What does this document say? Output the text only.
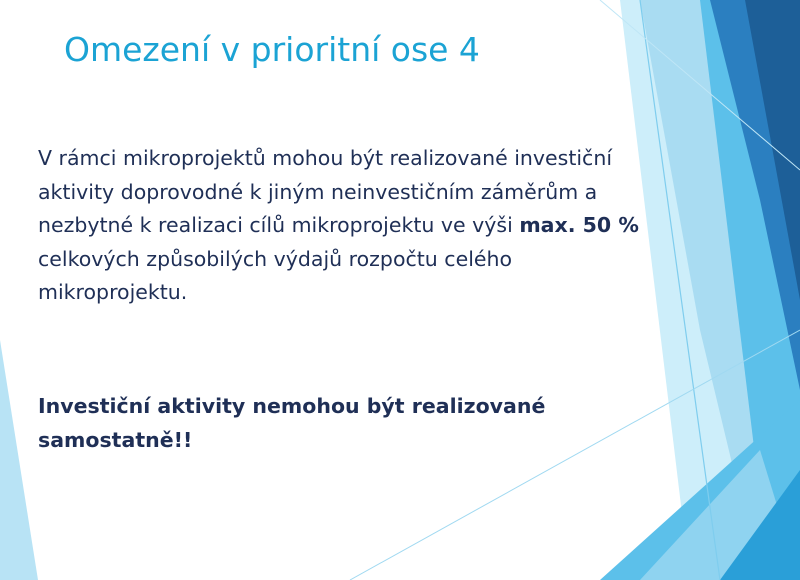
Omezení v prioritní ose 4

V rámci mikroprojektů mohou být realizované investiční aktivity doprovodné k jiným neinvestičním záměrům a nezbytné k realizaci cílů mikroprojektu ve výši max. 50 % celkových způsobilých výdajů rozpočtu celého mikroprojektu.

Investiční aktivity nemohou být realizované samostatně!!
